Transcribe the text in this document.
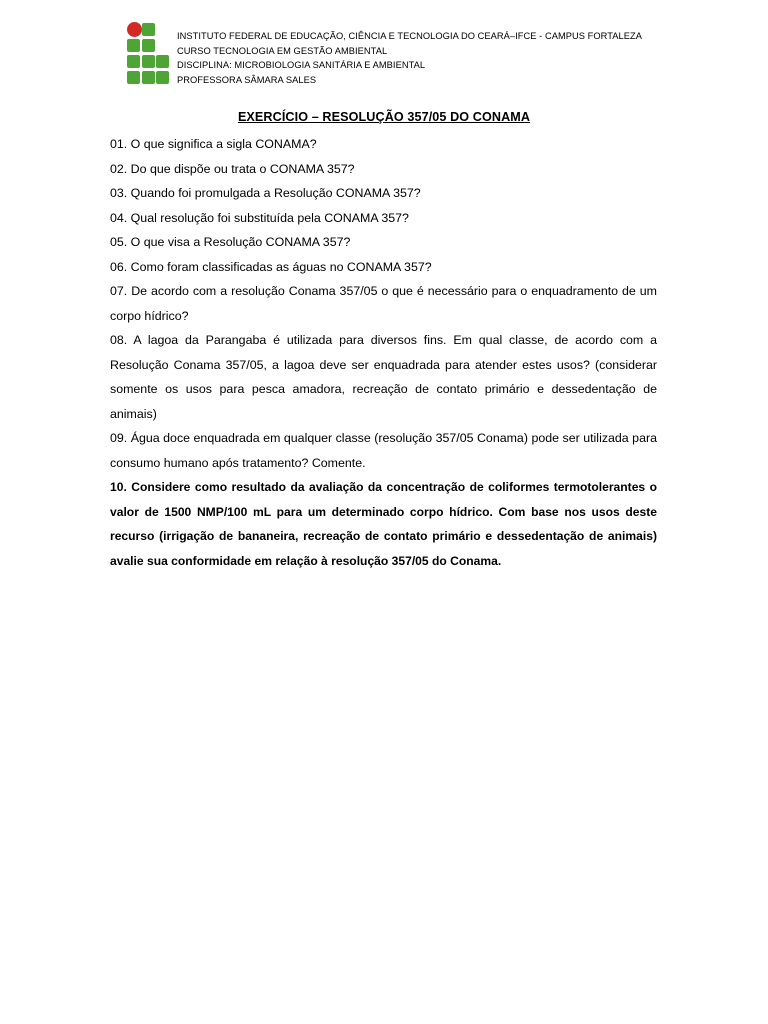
INSTITUTO FEDERAL DE EDUCAÇÃO, CIÊNCIA E TECNOLOGIA DO CEARÁ–IFCE - CAMPUS FORTALEZA
CURSO TECNOLOGIA EM GESTÃO AMBIENTAL
DISCIPLINA: MICROBIOLOGIA SANITÁRIA E AMBIENTAL
PROFESSORA SÂMARA SALES
EXERCÍCIO – RESOLUÇÃO 357/05 DO CONAMA

01. O que significa a sigla CONAMA?

02. Do que dispõe ou trata o CONAMA 357?

03. Quando foi promulgada a Resolução CONAMA 357?

04. Qual resolução foi substituída pela CONAMA 357?

05. O que visa a Resolução CONAMA 357?

06. Como foram classificadas as águas no CONAMA 357?

07. De acordo com a resolução Conama 357/05 o que é necessário para o enquadramento de um corpo hídrico?

08. A lagoa da Parangaba é utilizada para diversos fins. Em qual classe, de acordo com a Resolução Conama 357/05, a lagoa deve ser enquadrada para atender estes usos? (considerar somente os usos para pesca amadora, recreação de contato primário e dessedentação de animais)

09. Água doce enquadrada em qualquer classe (resolução 357/05 Conama) pode ser utilizada para consumo humano após tratamento? Comente.

10. Considere como resultado da avaliação da concentração de coliformes termotolerantes o valor de 1500 NMP/100 mL para um determinado corpo hídrico. Com base nos usos deste recurso (irrigação de bananeira, recreação de contato primário e dessedentação de animais) avalie sua conformidade em relação à resolução 357/05 do Conama.
